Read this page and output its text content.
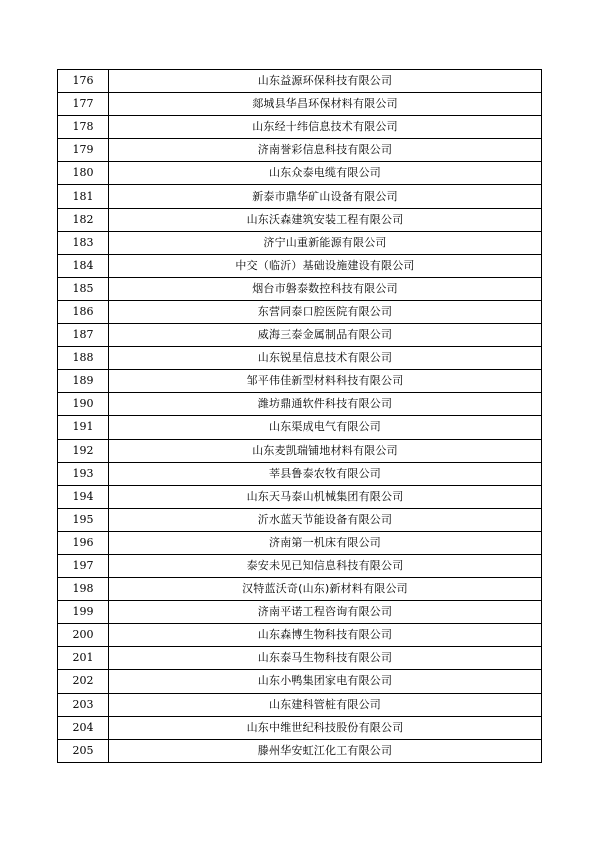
176	山东益源环保科技有限公司
177	郯城县华昌环保材料有限公司
178	山东经十纬信息技术有限公司
179	济南誉彩信息科技有限公司
180	山东众泰电缆有限公司
181	新泰市鼎华矿山设备有限公司
182	山东沃森建筑安装工程有限公司
183	济宁山重新能源有限公司
184	中交（临沂）基础设施建设有限公司
185	烟台市磐泰数控科技有限公司
186	东营同泰口腔医院有限公司
187	威海三泰金属制品有限公司
188	山东锐星信息技术有限公司
189	邹平伟佳新型材料科技有限公司
190	潍坊鼎通软件科技有限公司
191	山东渠成电气有限公司
192	山东麦凯瑞铺地材料有限公司
193	莘县鲁泰农牧有限公司
194	山东天马泰山机械集团有限公司
195	沂水蓝天节能设备有限公司
196	济南第一机床有限公司
197	泰安未见已知信息科技有限公司
198	汉特蓝沃奇(山东)新材料有限公司
199	济南平诺工程咨询有限公司
200	山东森博生物科技有限公司
201	山东泰马生物科技有限公司
202	山东小鸭集团家电有限公司
203	山东建科管桩有限公司
204	山东中维世纪科技股份有限公司
205	滕州华安虹江化工有限公司
